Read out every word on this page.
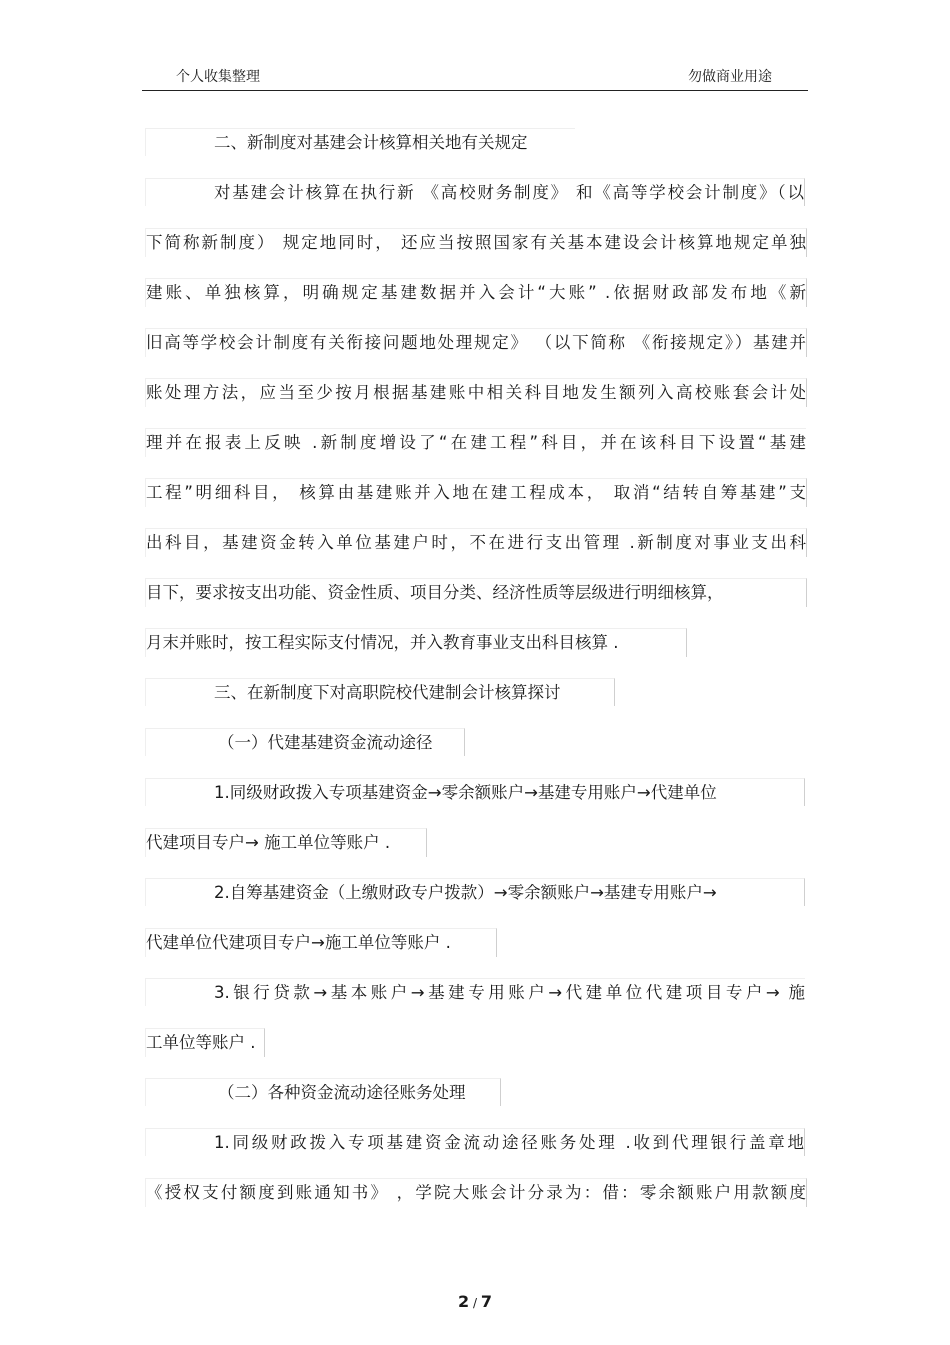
个人收集整理	勿做商业用途
二、新制度对基建会计核算相关地有关规定
对基建会计核算在执行新 《高校财务制度》 和《高等学校会计制度》（以
下简称新制度） 规定地同时， 还应当按照国家有关基本建设会计核算地规定单独
建账、单独核算，明确规定基建数据并入会计“大账” .依据财政部发布地《新
旧高等学校会计制度有关衔接问题地处理规定》 （以下简称 《衔接规定》）基建并
账处理方法，应当至少按月根据基建账中相关科目地发生额列入高校账套会计处
理并在报表上反映 .新制度增设了“在建工程”科目，并在该科目下设置“基建
工程”明细科目， 核算由基建账并入地在建工程成本， 取消“结转自筹基建”支
出科目，基建资金转入单位基建户时，不在进行支出管理 .新制度对事业支出科
目下，要求按支出功能、资金性质、项目分类、经济性质等层级进行明细核算，
月末并账时，按工程实际支付情况，并入教育事业支出科目核算 .
三、在新制度下对高职院校代建制会计核算探讨
（一）代建基建资金流动途径
1.同级财政拨入专项基建资金→零余额账户→基建专用账户→代建单位
代建项目专户→ 施工单位等账户 .
2.自筹基建资金（上缴财政专户拨款）→零余额账户→基建专用账户→
代建单位代建项目专户→施工单位等账户 .
3.银行贷款→基本账户→基建专用账户→代建单位代建项目专户→ 施
工单位等账户 .
（二）各种资金流动途径账务处理
1.同级财政拨入专项基建资金流动途径账务处理 .收到代理银行盖章地
《授权支付额度到账通知书》 ，学院大账会计分录为：借：零余额账户用款额度
2 / 7
